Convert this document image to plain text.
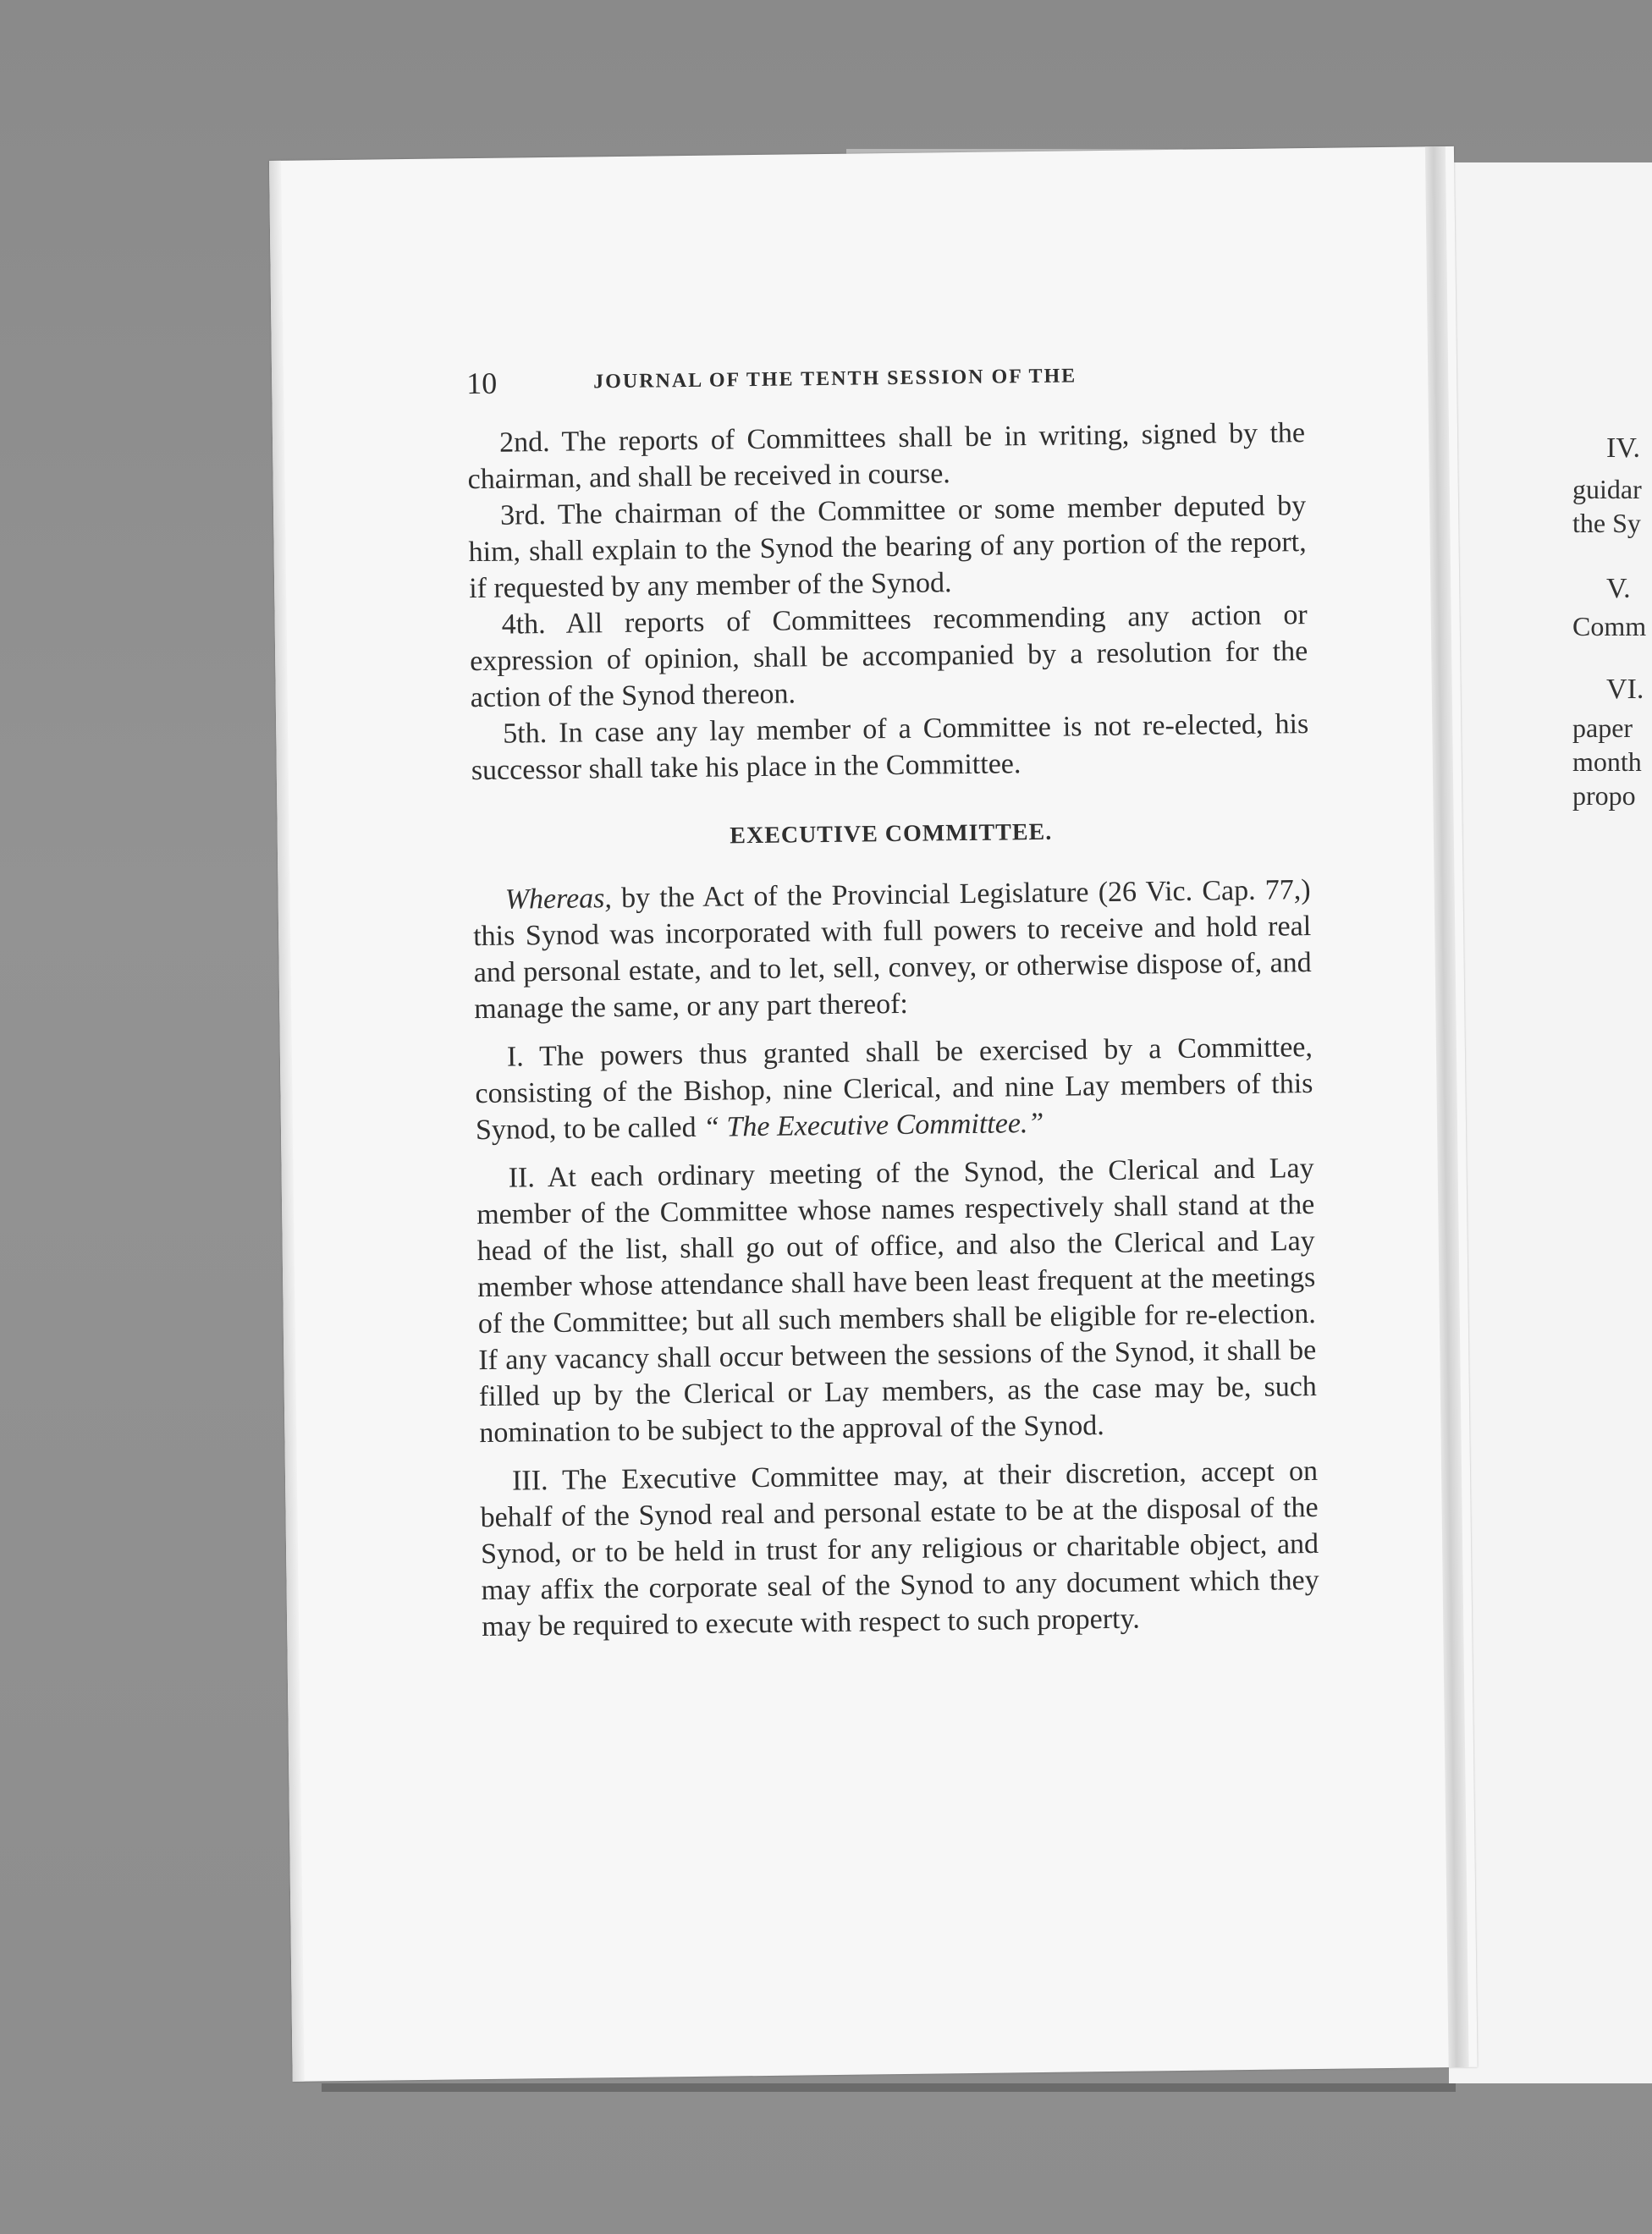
IV.
guidar
the Sy
V.
Comm
VI.
paper
month
propo
10	JOURNAL OF THE TENTH SESSION OF THE

2nd. The reports of Committees shall be in writing, signed by the chairman, and shall be received in course.

3rd. The chairman of the Committee or some member deputed by him, shall explain to the Synod the bearing of any portion of the report, if requested by any member of the Synod.

4th. All reports of Committees recommending any action or expression of opinion, shall be accompanied by a resolution for the action of the Synod thereon.

5th. In case any lay member of a Committee is not re-elected, his successor shall take his place in the Committee.

EXECUTIVE COMMITTEE.

Whereas, by the Act of the Provincial Legislature (26 Vic. Cap. 77,) this Synod was incorporated with full powers to receive and hold real and personal estate, and to let, sell, convey, or otherwise dispose of, and manage the same, or any part thereof:

I. The powers thus granted shall be exercised by a Committee, consisting of the Bishop, nine Clerical, and nine Lay members of this Synod, to be called “ The Executive Committee.”

II. At each ordinary meeting of the Synod, the Clerical and Lay member of the Committee whose names respectively shall stand at the head of the list, shall go out of office, and also the Clerical and Lay member whose attendance shall have been least frequent at the meetings of the Committee; but all such members shall be eligible for re-election. If any vacancy shall occur between the sessions of the Synod, it shall be filled up by the Clerical or Lay members, as the case may be, such nomination to be subject to the approval of the Synod.

III. The Executive Committee may, at their discretion, accept on behalf of the Synod real and personal estate to be at the disposal of the Synod, or to be held in trust for any religious or charitable object, and may affix the corporate seal of the Synod to any document which they may be required to execute with respect to such property.
